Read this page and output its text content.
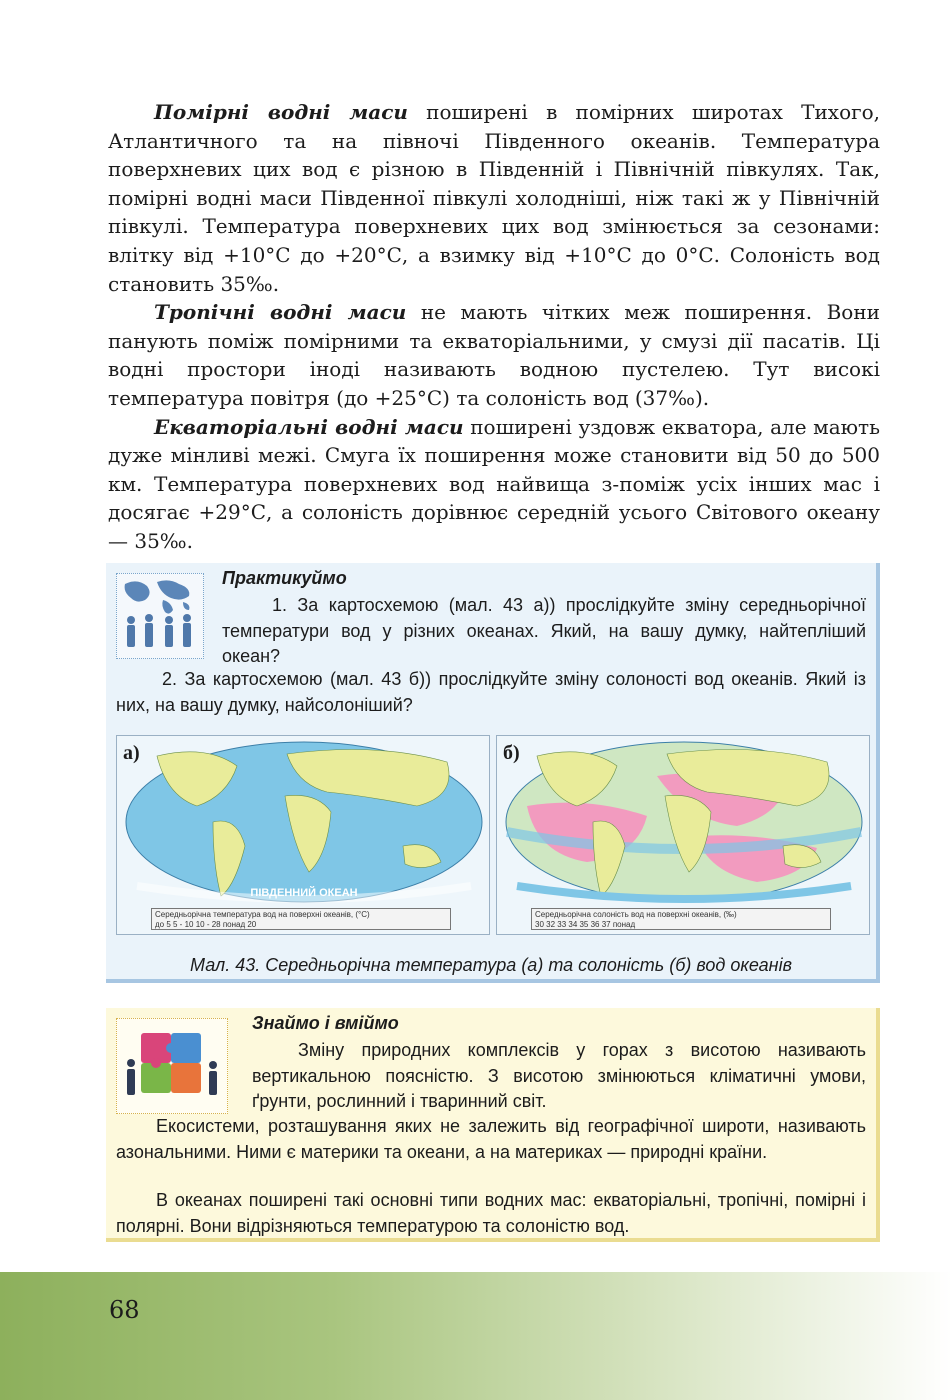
Помірні водні маси поширені в помірних широтах Тихого, Атлантичного та на півночі Південного океанів. Температура поверхневих цих вод є різною в Південній і Північній півкулях. Так, помірні водні маси Південної півкулі холодніші, ніж такі ж у Північній півкулі. Температура поверхневих цих вод змінюється за сезонами: влітку від +10°С до +20°С, а взимку від +10°С до 0°С. Солоність вод становить 35‰.

Тропічні водні маси не мають чітких меж поширення. Вони панують поміж помірними та екваторіальними, у смузі дії пасатів. Ці водні простори іноді називають водною пустелею. Тут високі температура повітря (до +25°С) та солоність вод (37‰).

Екваторіальні водні маси поширені уздовж екватора, але мають дуже мінливі межі. Смуга їх поширення може становити від 50 до 500 км. Температура поверхневих вод найвища з-поміж усіх інших мас і досягає +29°С, а солоність дорівнює середній усього Світового океану — 35‰.

Практикуймо
1. За картосхемою (мал. 43 а)) прослідкуйте зміну середньорічної температури вод у різних океанах. Який, на вашу думку, найтепліший океан?
2. За картосхемою (мал. 43 б)) прослідкуйте зміну солоності вод океанів. Який із них, на вашу думку, найсолоніший?
ПІВДЕННИЙ ОКЕАН
а)
Середньорічна температура вод на поверхні океанів, (°С)
до 5 5 - 10 10 - 28 понад 20
б)
Середньорічна солоність вод на поверхні океанів, (‰)
30 32 33 34 35 36 37 понад
Мал. 43. Середньорічна температура (а) та солоність (б) вод океанів
Знаймо і вміймо
Зміну природних комплексів у горах з висотою називають вертикальною поясністю. З висотою змінюються кліматичні умови, ґрунти, рослинний і тваринний світ.
Екосистеми, розташування яких не залежить від географічної широти, називають азональними. Ними є материки та океани, а на материках — природні країни.
В океанах поширені такі основні типи водних мас: екваторіальні, тропічні, помірні і полярні. Вони відрізняються температурою та солоністю вод.
68
